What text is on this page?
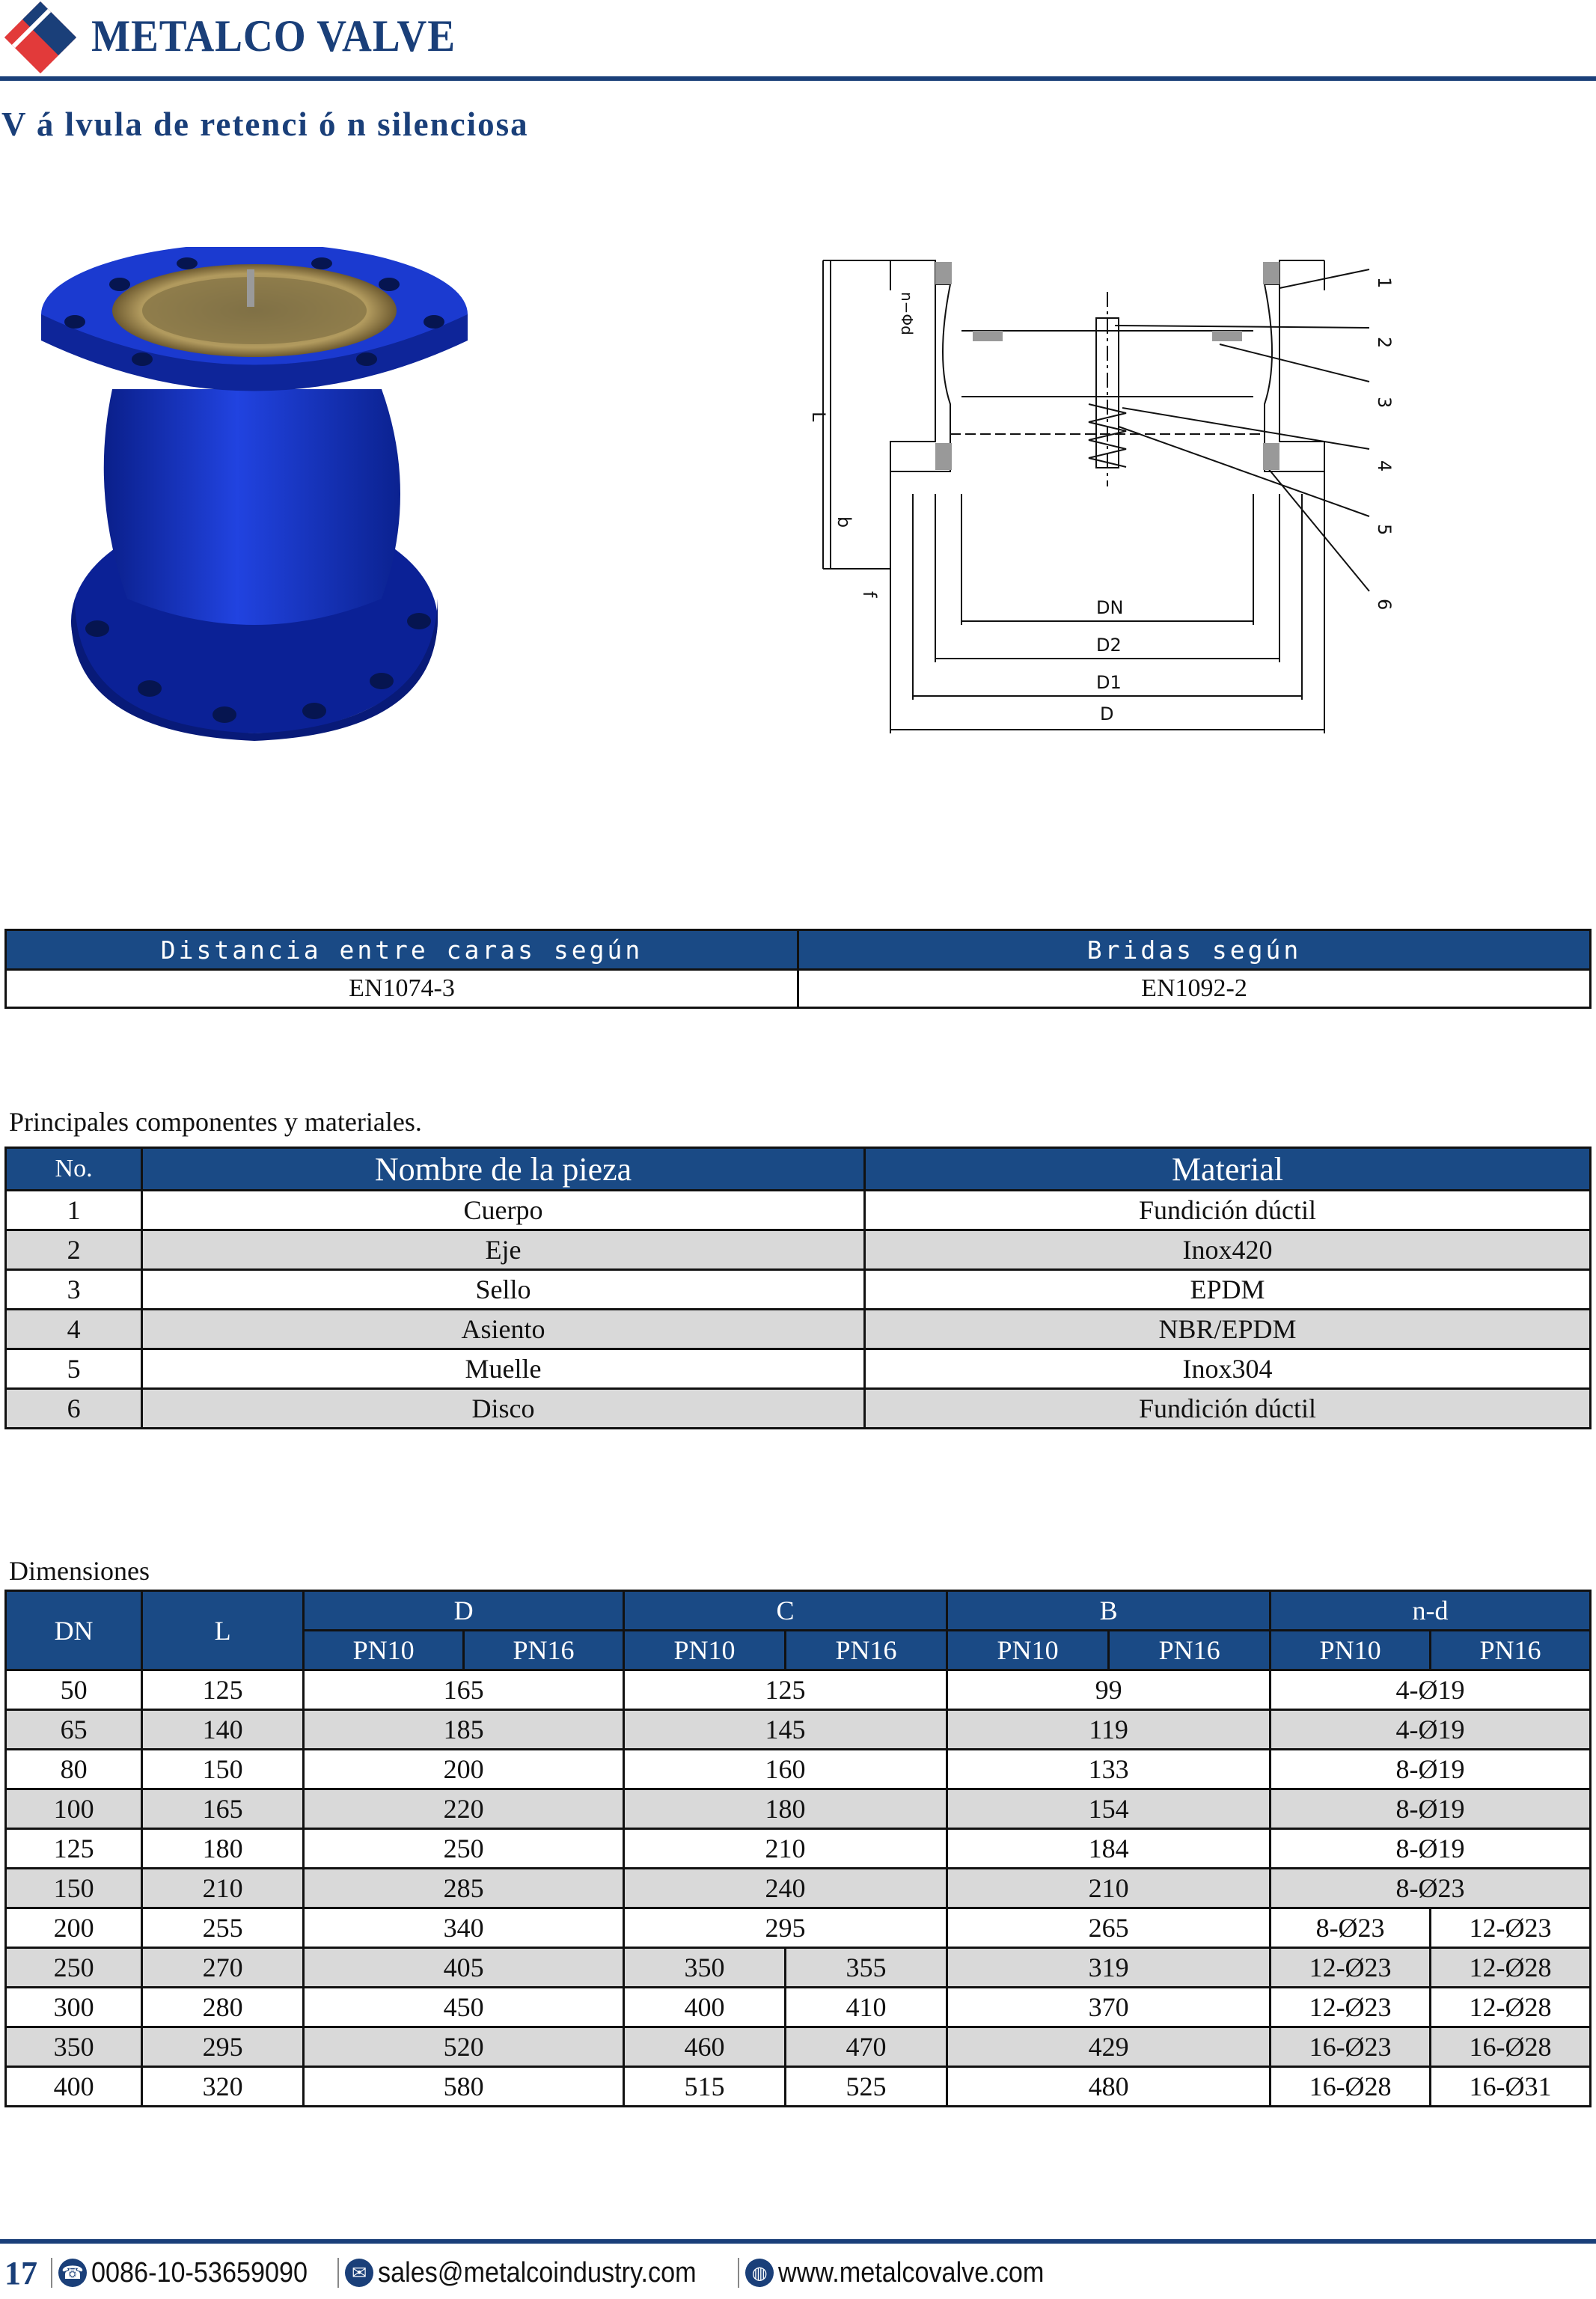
METALCO VALVE
V á lvula de retenci ó n silenciosa
1
2
3
4
5
6
DN
D2
D1
D
L
b
f
n−Φd
Distancia entre caras según	Bridas según
EN1074-3	EN1092-2
Principales componentes y materiales.
No.	Nombre de la pieza	Material
1	Cuerpo	Fundición dúctil
2	Eje	Inox420
3	Sello	EPDM
4	Asiento	NBR/EPDM
5	Muelle	Inox304
6	Disco	Fundición dúctil
Dimensiones
DN	L	D		C		B		n-d	
		PN10	PN16	PN10	PN16	PN10	PN16	PN10	PN16
50	125	165		125		99		4-Ø19	
65	140	185		145		119		4-Ø19	
80	150	200		160		133		8-Ø19	
100	165	220		180		154		8-Ø19	
125	180	250		210		184		8-Ø19	
150	210	285		240		210		8-Ø23	
200	255	340		295		265		8-Ø23	12-Ø23
250	270	405		350	355	319		12-Ø23	12-Ø28
300	280	450		400	410	370		12-Ø23	12-Ø28
350	295	520		460	470	429		16-Ø23	16-Ø28
400	320	580		515	525	480		16-Ø28	16-Ø31
17 ☎ 0086-10-53659090	✉ sales@metalcoindustry.com	◍ www.metalcovalve.com
